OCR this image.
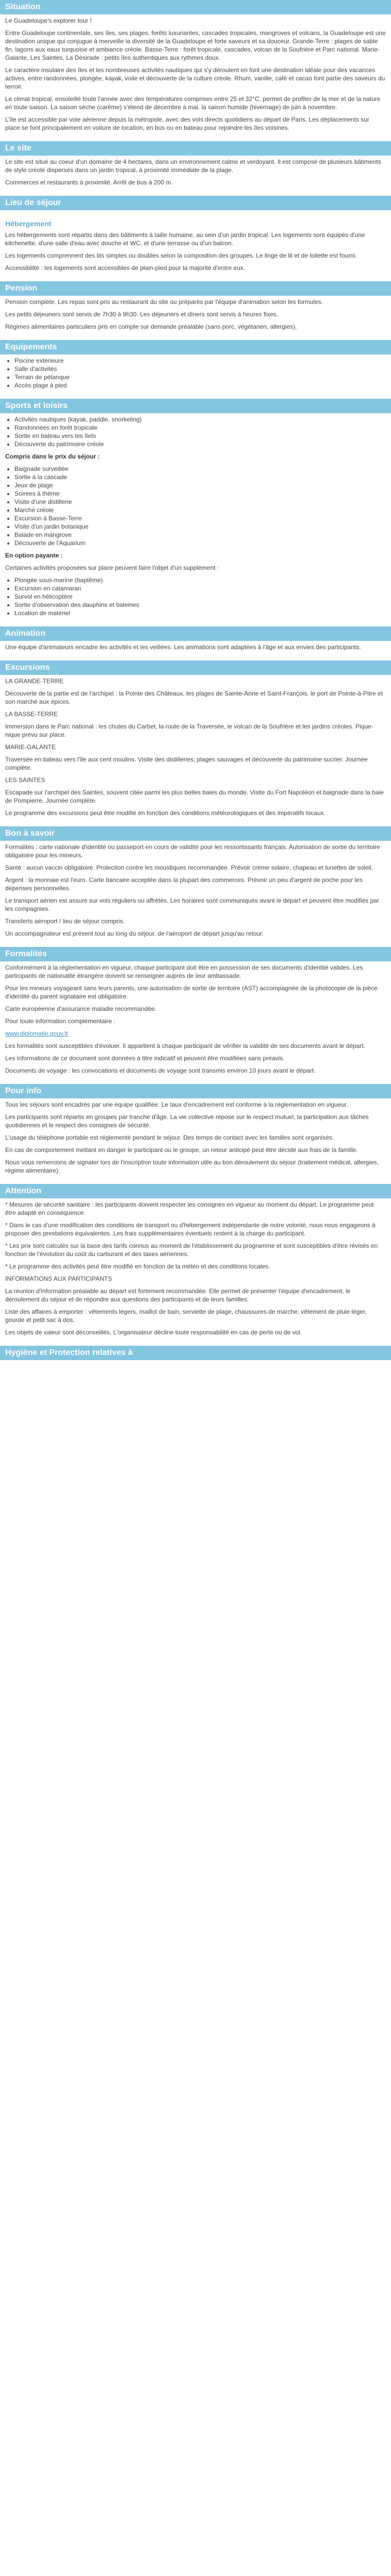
Situation

Le Guadeloupe's explorer tour !

Entre Guadeloupe continentale, ses îles, ses plages, forêts luxuriantes, cascades tropicales, mangroves et volcans, la Guadeloupe est une destination unique qui conjugue à merveille la diversité de la Guadeloupe et forte saveurs et sa douceur. Grande-Terre : plages de sable fin, lagons aux eaux turquoise et ambiance créole. Basse-Terre : forêt tropicale, cascades, volcan de la Soufrière et Parc national. Marie-Galante, Les Saintes, La Désirade : petits îles authentiques aux rythmes doux.

Le caractère insulaire des îles et les nombreuses activités nautiques qui s'y déroulent en font une destination idéale pour des vacances actives, entre randonnées, plongée, kayak, voile et découverte de la culture créole. Rhum, vanille, café et cacao font partie des saveurs du terroir.

Le climat tropical, ensoleillé toute l'année avec des températures comprises entre 25 et 32°C, permet de profiter de la mer et de la nature en toute saison. La saison sèche (carême) s'étend de décembre à mai, la saison humide (hivernage) de juin à novembre.

L'île est accessible par voie aérienne depuis la métropole, avec des vols directs quotidiens au départ de Paris. Les déplacements sur place se font principalement en voiture de location, en bus ou en bateau pour rejoindre les îles voisines.

Le site

Le site est situé au coeur d'un domaine de 4 hectares, dans un environnement calme et verdoyant. Il est composé de plusieurs bâtiments de style créole dispersés dans un jardin tropical, à proximité immédiate de la plage.

Commerces et restaurants à proximité. Arrêt de bus à 200 m.

Lieu de séjour
Hébergement

Les hébergements sont répartis dans des bâtiments à taille humaine, au sein d'un jardin tropical. Les logements sont équipés d'une kitchenette, d'une salle d'eau avec douche et WC, et d'une terrasse ou d'un balcon.

Les logements comprennent des lits simples ou doubles selon la composition des groupes. Le linge de lit et de toilette est fourni.

Accessibilité : les logements sont accessibles de plain-pied pour la majorité d'entre eux.

Pension

Pension complète. Les repas sont pris au restaurant du site ou préparés par l'équipe d'animation selon les formules.

Les petits déjeuners sont servis de 7h30 à 9h30. Les déjeuners et dîners sont servis à heures fixes.

Régimes alimentaires particuliers pris en compte sur demande préalable (sans porc, végétarien, allergies).

Equipements
• Piscine extérieure
• Salle d'activités
• Terrain de pétanque
• Accès plage à pied
Sports et loisirs
• Activités nautiques (kayak, paddle, snorkeling)
• Randonnées en forêt tropicale
• Sortie en bateau vers les îlets
• Découverte du patrimoine créole

Compris dans le prix du séjour :

• Baignade surveillée
• Sortie à la cascade
• Jeux de plage
• Soirées à thème
• Visite d'une distillerie
• Marché créole
• Excursion à Basse-Terre
• Visite d'un jardin botanique
• Balade en mangrove
• Découverte de l'Aquarium

En option payante :

Certaines activités proposées sur place peuvent faire l'objet d'un supplément :

• Plongée sous-marine (baptême)
• Excursion en catamaran
• Survol en hélicoptère
• Sortie d'observation des dauphins et baleines
• Location de matériel
Animation

Une équipe d'animateurs encadre les activités et les veillées. Les animations sont adaptées à l'âge et aux envies des participants.

Excursions

LA GRANDE-TERRE

Découverte de la partie est de l'archipel : la Pointe des Châteaux, les plages de Sainte-Anne et Saint-François, le port de Pointe-à-Pitre et son marché aux épices.

LA BASSE-TERRE

Immersion dans le Parc national : les chutes du Carbet, la route de la Traversée, le volcan de la Soufrière et les jardins créoles. Pique-nique prévu sur place.

MARIE-GALANTE

Traversée en bateau vers l'île aux cent moulins. Visite des distilleries, plages sauvages et découverte du patrimoine sucrier. Journée complète.

LES SAINTES

Escapade sur l'archipel des Saintes, souvent citée parmi les plus belles baies du monde. Visite du Fort Napoléon et baignade dans la baie de Pompierre. Journée complète.

Le programme des excursions peut être modifié en fonction des conditions météorologiques et des impératifs locaux.

Bon à savoir

Formalités : carte nationale d'identité ou passeport en cours de validité pour les ressortissants français. Autorisation de sortie du territoire obligatoire pour les mineurs.

Santé : aucun vaccin obligatoire. Protection contre les moustiques recommandée. Prévoir crème solaire, chapeau et lunettes de soleil.

Argent : la monnaie est l'euro. Carte bancaire acceptée dans la plupart des commerces. Prévoir un peu d'argent de poche pour les dépenses personnelles.

Le transport aérien est assuré sur vols réguliers ou affrétés. Les horaires sont communiqués avant le départ et peuvent être modifiés par les compagnies.

Transferts aéroport / lieu de séjour compris.

Un accompagnateur est présent tout au long du séjour, de l'aéroport de départ jusqu'au retour.

Formalités

Conformément à la réglementation en vigueur, chaque participant doit être en possession de ses documents d'identité valides. Les participants de nationalité étrangère doivent se renseigner auprès de leur ambassade.

Pour les mineurs voyageant sans leurs parents, une autorisation de sortie de territoire (AST) accompagnée de la photocopie de la pièce d'identité du parent signataire est obligatoire.

Carte européenne d'assurance maladie recommandée.

Pour toute information complémentaire :

www.diplomatie.gouv.fr

Les formalités sont susceptibles d'évoluer. Il appartient à chaque participant de vérifier la validité de ses documents avant le départ.

Les informations de ce document sont données à titre indicatif et peuvent être modifiées sans préavis.

Documents de voyage : les convocations et documents de voyage sont transmis environ 10 jours avant le départ.

Pour info

Tous les séjours sont encadrés par une équipe qualifiée. Le taux d'encadrement est conforme à la réglementation en vigueur.

Les participants sont répartis en groupes par tranche d'âge. La vie collective repose sur le respect mutuel, la participation aux tâches quotidiennes et le respect des consignes de sécurité.

L'usage du téléphone portable est réglementé pendant le séjour. Des temps de contact avec les familles sont organisés.

En cas de comportement mettant en danger le participant ou le groupe, un retour anticipé peut être décidé aux frais de la famille.

Nous vous remercions de signaler lors de l'inscription toute information utile au bon déroulement du séjour (traitement médical, allergies, régime alimentaire).

Attention

* Mesures de sécurité sanitaire : les participants doivent respecter les consignes en vigueur au moment du départ. Le programme peut être adapté en conséquence.

* Dans le cas d'une modification des conditions de transport ou d'hébergement indépendante de notre volonté, nous nous engageons à proposer des prestations équivalentes. Les frais supplémentaires éventuels restent à la charge du participant.

* Les prix sont calculés sur la base des tarifs connus au moment de l'établissement du programme et sont susceptibles d'être révisés en fonction de l'évolution du coût du carburant et des taxes aériennes.

* Le programme des activités peut être modifié en fonction de la météo et des conditions locales.

INFORMATIONS AUX PARTICIPANTS

La réunion d'information préalable au départ est fortement recommandée. Elle permet de présenter l'équipe d'encadrement, le déroulement du séjour et de répondre aux questions des participants et de leurs familles.

Liste des affaires à emporter : vêtements légers, maillot de bain, serviette de plage, chaussures de marche, vêtement de pluie léger, gourde et petit sac à dos.

Les objets de valeur sont déconseillés. L'organisateur décline toute responsabilité en cas de perte ou de vol.

Hygiène et Protection relatives à
